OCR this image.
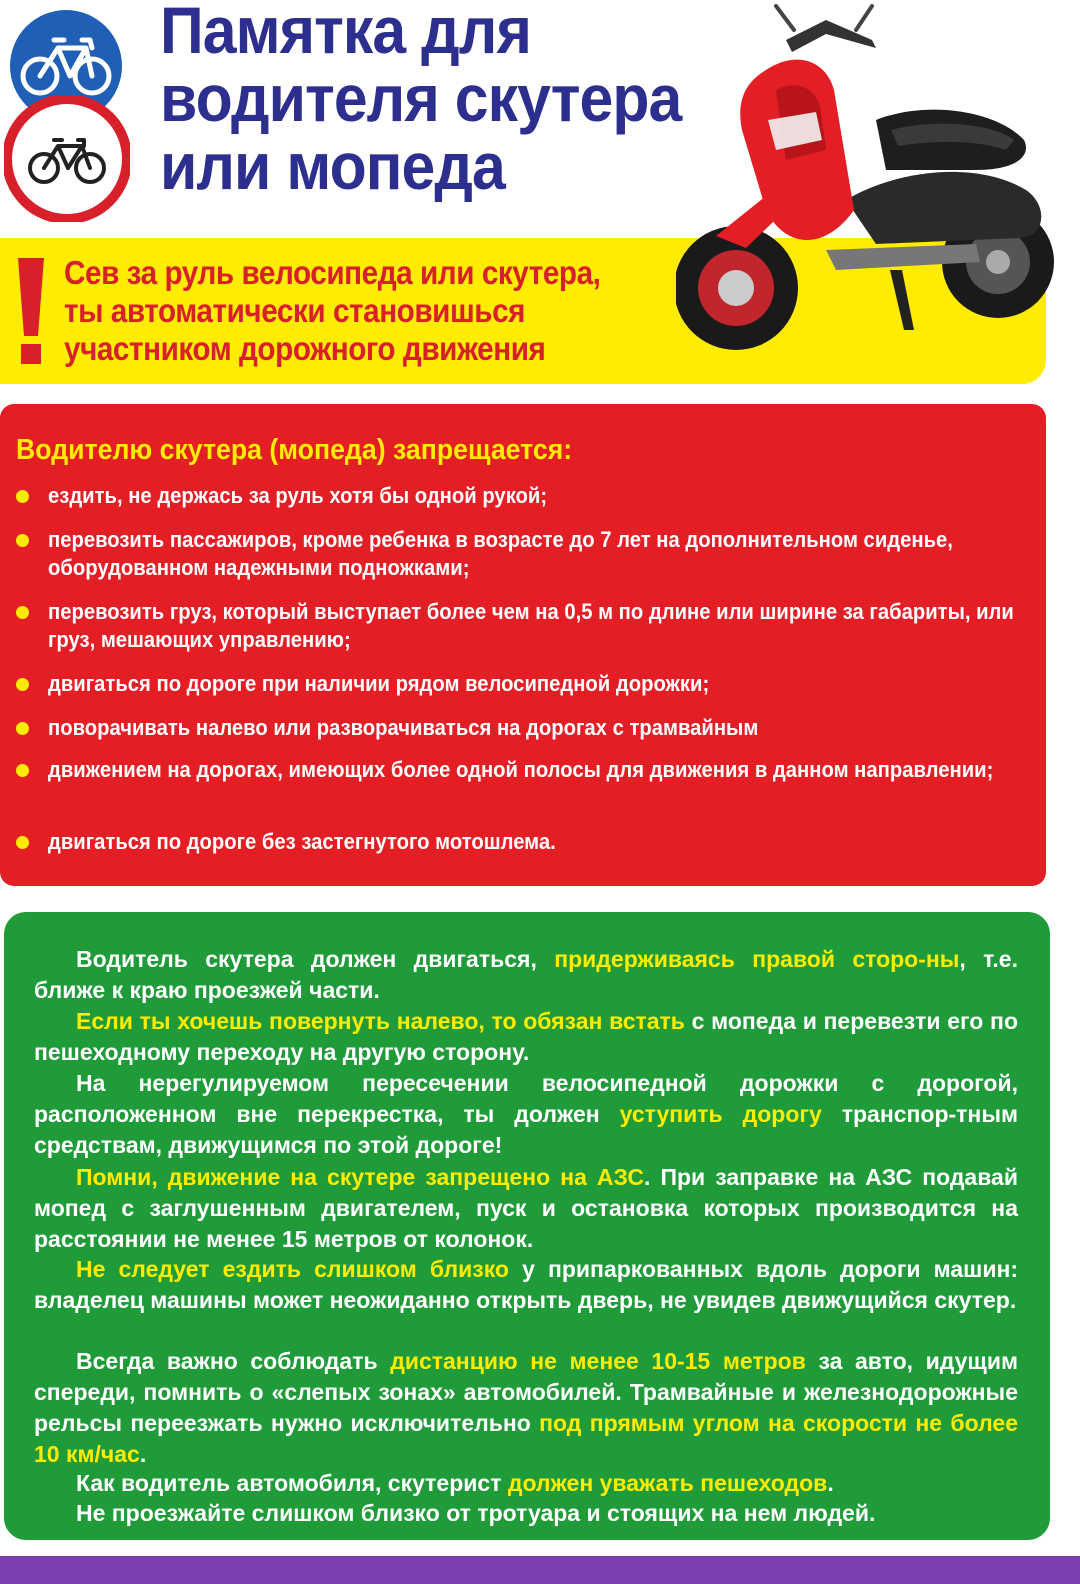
Памятка для
водителя скутера
или мопеда
Сев за руль велосипеда или скутера,
ты автоматически становишься
участником дорожного движения
Водителю скутера (мопеда) запрещается:
ездить, не держась за руль хотя бы одной рукой;
перевозить пассажиров, кроме ребенка в возрасте до 7 лет на дополнительном сиденье, оборудованном надежными подножками;
перевозить груз, который выступает более чем на 0,5 м по длине или ширине за габариты, или груз, мешающих управлению;
двигаться по дороге при наличии рядом велосипедной дорожки;
поворачивать налево или разворачиваться на дорогах с трамвайным
движением на дорогах, имеющих более одной полосы для движения в данном направлении;
двигаться по дороге без застегнутого мотошлема.

Водитель скутера должен двигаться, придерживаясь правой сторо-ны, т.е. ближе к краю проезжей части.

Если ты хочешь повернуть налево, то обязан встать с мопеда и перевезти его по пешеходному переходу на другую сторону.

На нерегулируемом пересечении велосипедной дорожки с дорогой, расположенном вне перекрестка, ты должен уступить дорогу транспор-тным средствам, движущимся по этой дороге!

Помни, движение на скутере запрещено на АЗС. При заправке на АЗС подавай мопед с заглушенным двигателем, пуск и остановка которых производится на расстоянии не менее 15 метров от колонок.

Не следует ездить слишком близко у припаркованных вдоль дороги машин: владелец машины может неожиданно открыть дверь, не увидев движущийся скутер.

Всегда важно соблюдать дистанцию не менее 10-15 метров за авто, идущим спереди, помнить о «слепых зонах» автомобилей. Трамвайные и железнодорожные рельсы переезжать нужно исключительно под прямым углом на скорости не более 10 км/час.

Как водитель автомобиля, скутерист должен уважать пешеходов.

Не проезжайте слишком близко от тротуара и стоящих на нем людей.
